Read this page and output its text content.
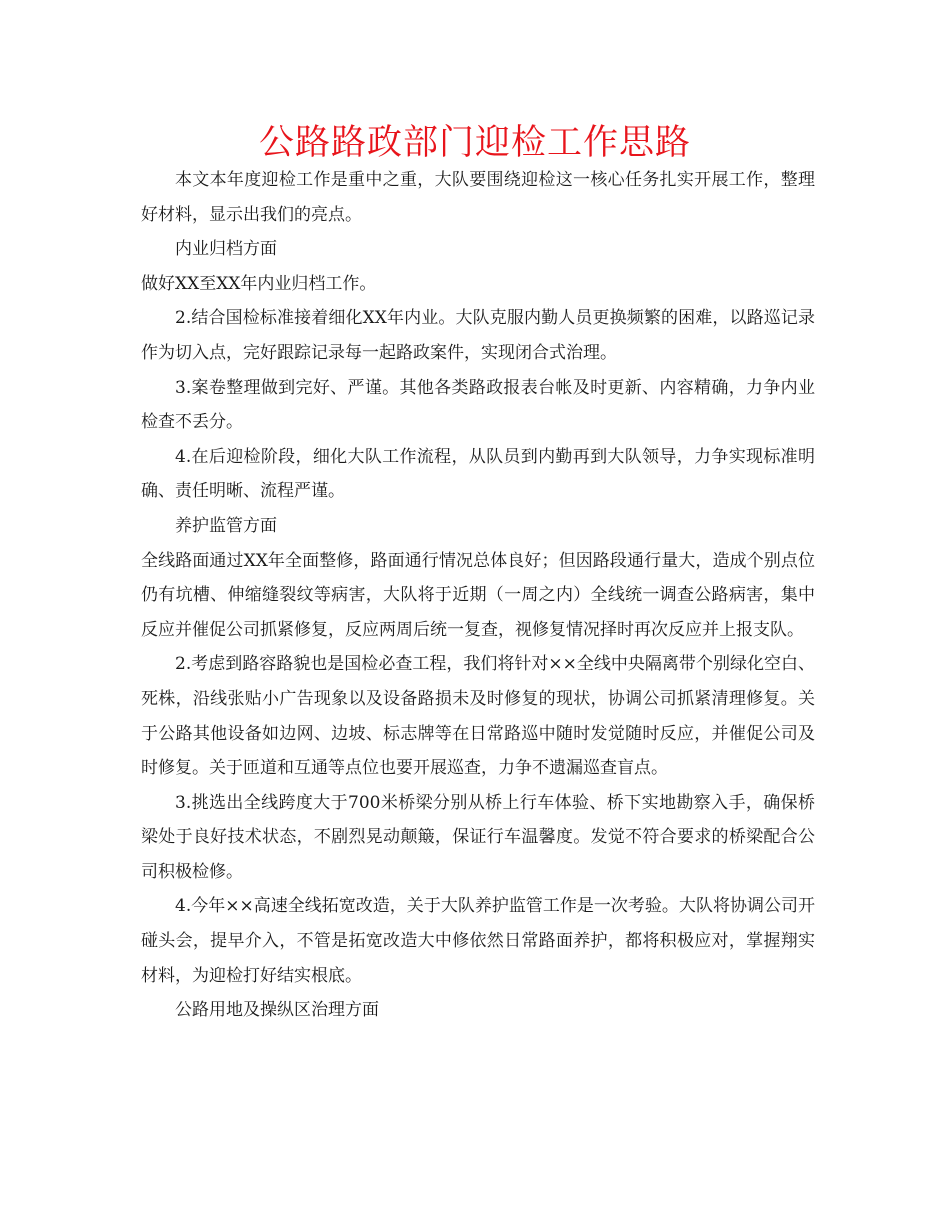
公路路政部门迎检工作思路

本文本年度迎检工作是重中之重，大队要围绕迎检这一核心任务扎实开展工作，整理好材料，显示出我们的亮点。

内业归档方面

做好XX至XX年内业归档工作。

2.结合国检标准接着细化XX年内业。大队克服内勤人员更换频繁的困难，以路巡记录作为切入点，完好跟踪记录每一起路政案件，实现闭合式治理。

3.案卷整理做到完好、严谨。其他各类路政报表台帐及时更新、内容精确，力争内业检查不丢分。

4.在后迎检阶段，细化大队工作流程，从队员到内勤再到大队领导，力争实现标准明确、责任明晰、流程严谨。

养护监管方面

全线路面通过XX年全面整修，路面通行情况总体良好；但因路段通行量大，造成个别点位仍有坑槽、伸缩缝裂纹等病害，大队将于近期（一周之内）全线统一调查公路病害，集中反应并催促公司抓紧修复，反应两周后统一复查，视修复情况择时再次反应并上报支队。

2.考虑到路容路貌也是国检必查工程，我们将针对××全线中央隔离带个别绿化空白、死株，沿线张贴小广告现象以及设备路损未及时修复的现状，协调公司抓紧清理修复。关于公路其他设备如边网、边坡、标志牌等在日常路巡中随时发觉随时反应，并催促公司及时修复。关于匝道和互通等点位也要开展巡查，力争不遗漏巡查盲点。

3.挑选出全线跨度大于700米桥梁分别从桥上行车体验、桥下实地勘察入手，确保桥梁处于良好技术状态，不剧烈晃动颠簸，保证行车温馨度。发觉不符合要求的桥梁配合公司积极检修。

4.今年××高速全线拓宽改造，关于大队养护监管工作是一次考验。大队将协调公司开碰头会，提早介入，不管是拓宽改造大中修依然日常路面养护，都将积极应对，掌握翔实材料，为迎检打好结实根底。

公路用地及操纵区治理方面
